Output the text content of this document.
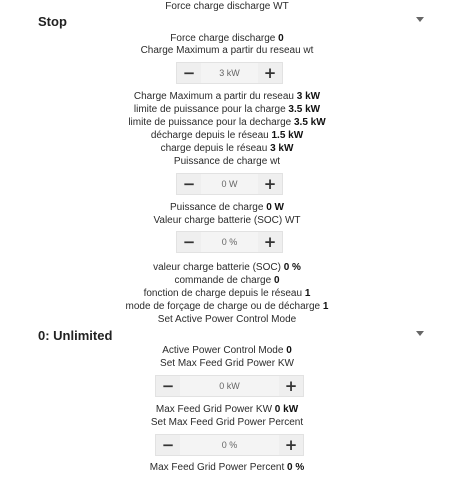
Force charge discharge WT
Stop
Force charge discharge 0
Charge Maximum a partir du reseau wt
−	3 kW	+
Charge Maximum a partir du reseau 3 kW
limite de puissance pour la charge 3.5 kW
limite de puissance pour la decharge 3.5 kW
décharge depuis le réseau 1.5 kW
charge depuis le réseau 3 kW
Puissance de charge wt
−	0 W	+
Puissance de charge 0 W
Valeur charge batterie (SOC) WT
−	0 %	+
valeur charge batterie (SOC) 0 %
commande de charge 0
fonction de charge depuis le réseau 1
mode de forçage de charge ou de décharge 1
Set Active Power Control Mode
0: Unlimited
Active Power Control Mode 0
Set Max Feed Grid Power KW
−	0 kW	+
Max Feed Grid Power KW 0 kW
Set Max Feed Grid Power Percent
−	0 %	+
Max Feed Grid Power Percent 0 %
